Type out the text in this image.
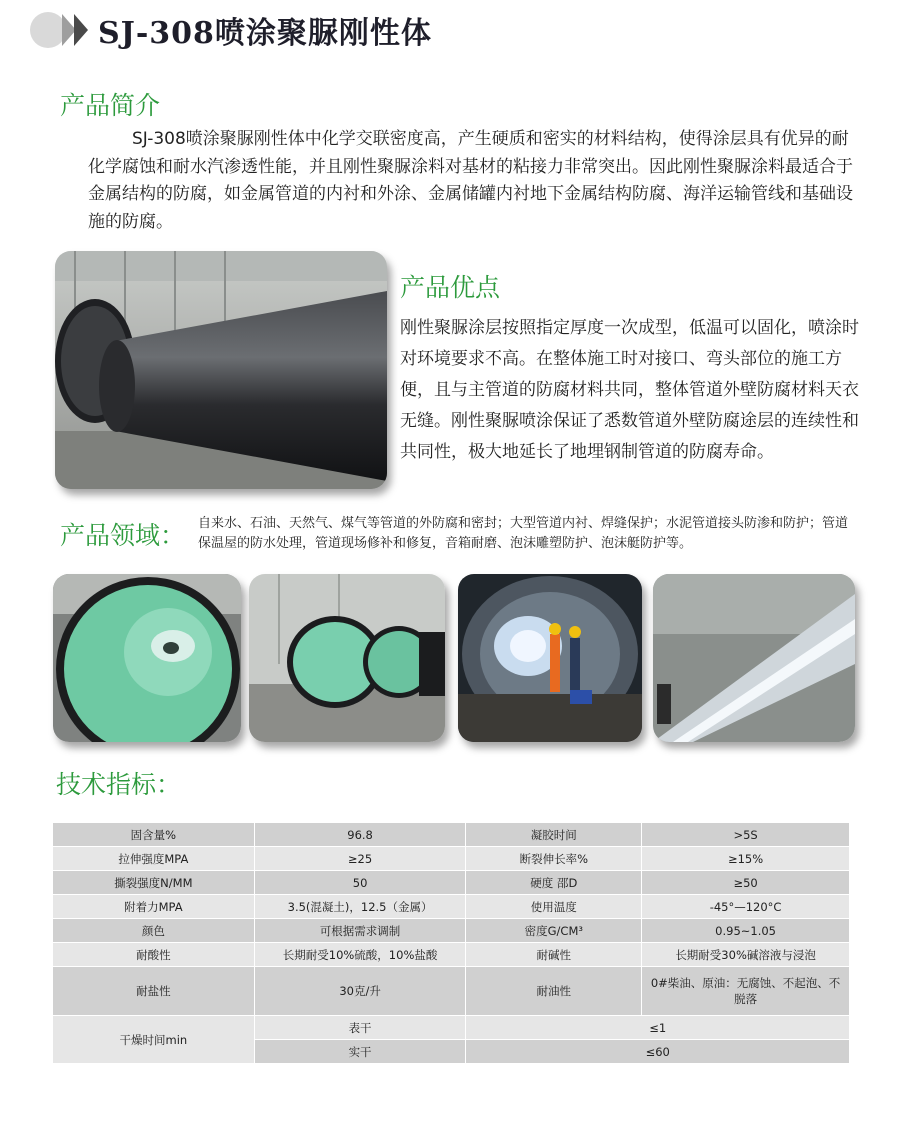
SJ-308喷涂聚脲刚性体
产品简介
SJ-308喷涂聚脲刚性体中化学交联密度高，产生硬质和密实的材料结构，使得涂层具有优异的耐化学腐蚀和耐水汽渗透性能，并且刚性聚脲涂料对基材的粘接力非常突出。因此刚性聚脲涂料最适合于金属结构的防腐，如金属管道的内衬和外涂、金属储罐内衬地下金属结构防腐、海洋运输管线和基础设施的防腐。
产品优点
刚性聚脲涂层按照指定厚度一次成型，低温可以固化，喷涂时对环境要求不高。在整体施工时对接口、弯头部位的施工方便，且与主管道的防腐材料共同，整体管道外壁防腐材料天衣无缝。刚性聚脲喷涂保证了悉数管道外壁防腐途层的连续性和共同性，极大地延长了地埋钢制管道的防腐寿命。
产品领域： 自来水、石油、天然气、煤气等管道的外防腐和密封；大型管道内衬、焊缝保护；水泥管道接头防渗和防护；管道保温屋的防水处理，管道现场修补和修复，音箱耐磨、泡沫雕塑防护、泡沫艇防护等。
技术指标：
固含量%	96.8	凝胶时间	>5S
拉伸强度MPA	≥25	断裂伸长率%	≥15%
撕裂强度N/MM	50	硬度 邵D	≥50
附着力MPA	3.5(混凝土)，12.5（金属）	使用温度	-45°—120°C
颜色	可根据需求调制	密度G/CM³	0.95~1.05
耐酸性	长期耐受10%硫酸，10%盐酸	耐碱性	长期耐受30%碱溶液与浸泡
耐盐性	30克/升	耐油性	0#柴油、原油：无腐蚀、不起泡、不脱落
干燥时间min	表干	≤1	
	实干	≤60	
